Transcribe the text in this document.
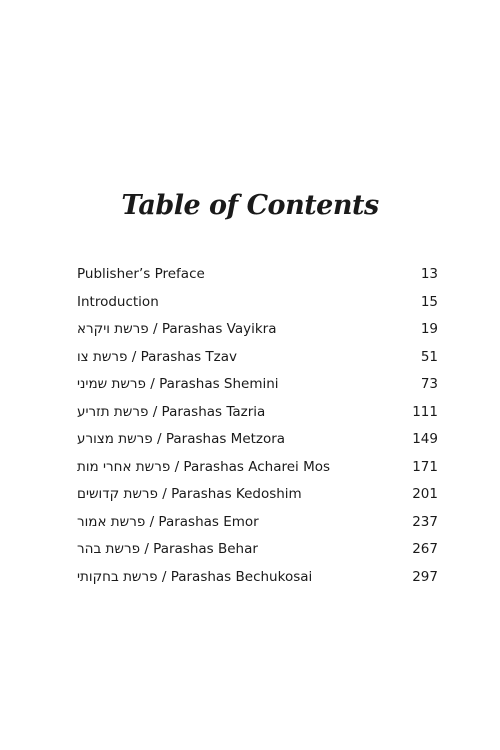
Table of Contents
Publisher’s Preface	13
Introduction	15
פרשת ויקרא / Parashas Vayikra	19
פרשת צו / Parashas Tzav	51
פרשת שמיני / Parashas Shemini	73
פרשת תזריע / Parashas Tazria	111
פרשת מצורע / Parashas Metzora	149
פרשת אחרי מות / Parashas Acharei Mos	171
פרשת קדושים / Parashas Kedoshim	201
פרשת אמור / Parashas Emor	237
פרשת בהר / Parashas Behar	267
פרשת בחקותי / Parashas Bechukosai	297
